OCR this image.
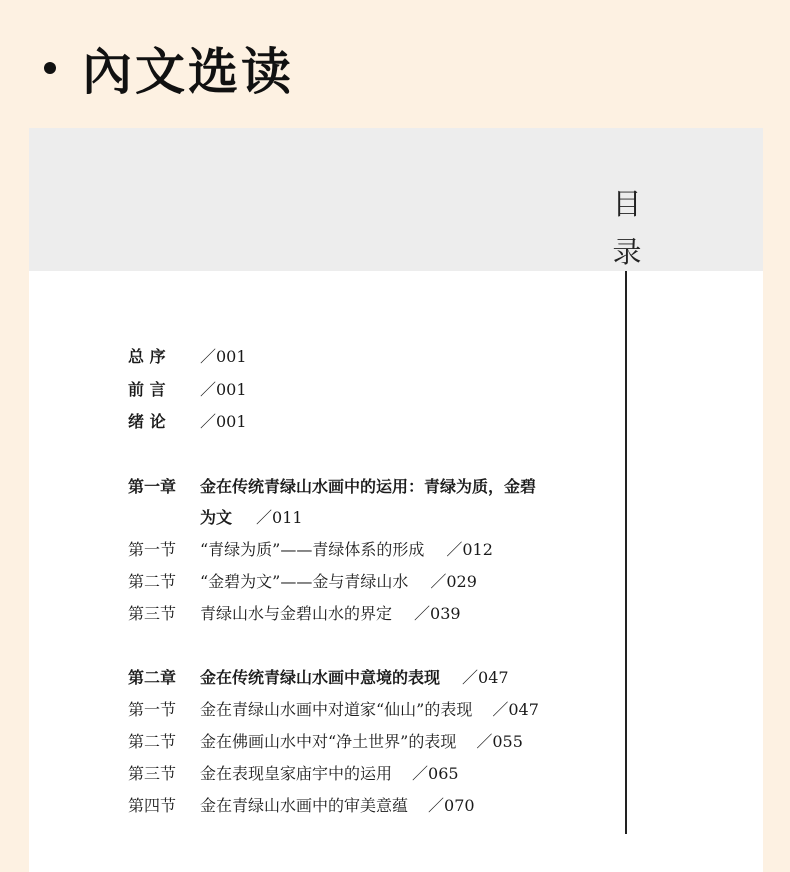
內文选读
目
录
总 序 ／001
前 言 ／001
绪 论 ／001
第一章 金在传统青绿山水画中的运用：青绿为质，金碧
为文 ／011
第一节 “青绿为质”——青绿体系的形成 ／012
第二节 “金碧为文”——金与青绿山水 ／029
第三节 青绿山水与金碧山水的界定 ／039
第二章 金在传统青绿山水画中意境的表现 ／047
第一节 金在青绿山水画中对道家“仙山”的表现 ／047
第二节 金在佛画山水中对“净土世界”的表现 ／055
第三节 金在表现皇家庙宇中的运用 ／065
第四节 金在青绿山水画中的审美意蕴 ／070
